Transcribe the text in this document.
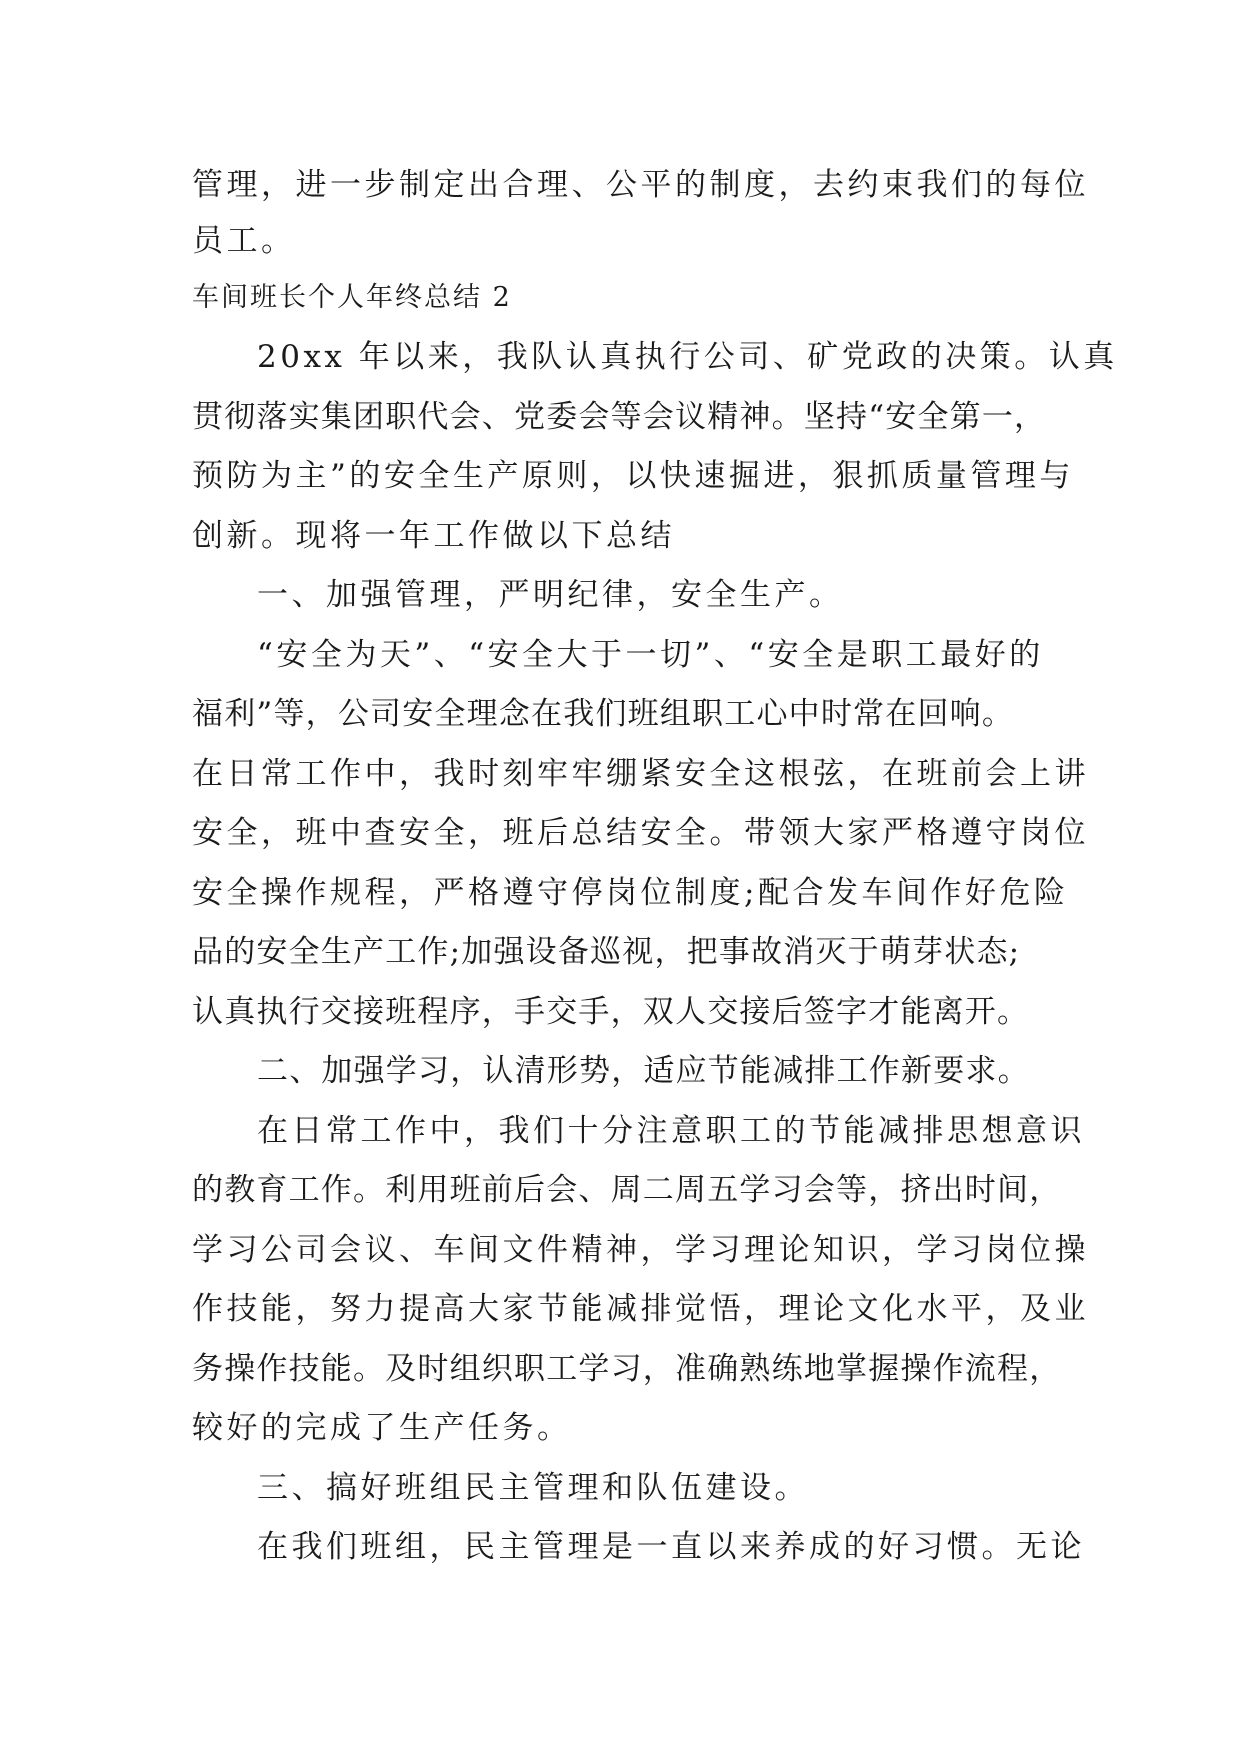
管理，进一步制定出合理、公平的制度，去约束我们的每位
员工。
车间班长个人年终总结 2
20xx 年以来，我队认真执行公司、矿党政的决策。认真
贯彻落实集团职代会、党委会等会议精神。坚持“安全第一，
预防为主”的安全生产原则，以快速掘进，狠抓质量管理与
创新。现将一年工作做以下总结
一、加强管理，严明纪律，安全生产。
“安全为天”、“安全大于一切”、“安全是职工最好的
福利”等，公司安全理念在我们班组职工心中时常在回响。
在日常工作中，我时刻牢牢绷紧安全这根弦，在班前会上讲
安全，班中查安全，班后总结安全。带领大家严格遵守岗位
安全操作规程，严格遵守停岗位制度;配合发车间作好危险
品的安全生产工作;加强设备巡视，把事故消灭于萌芽状态;
认真执行交接班程序，手交手，双人交接后签字才能离开。
二、加强学习，认清形势，适应节能减排工作新要求。
在日常工作中，我们十分注意职工的节能减排思想意识
的教育工作。利用班前后会、周二周五学习会等，挤出时间，
学习公司会议、车间文件精神，学习理论知识，学习岗位操
作技能，努力提高大家节能减排觉悟，理论文化水平，及业
务操作技能。及时组织职工学习，准确熟练地掌握操作流程，
较好的完成了生产任务。
三、搞好班组民主管理和队伍建设。
在我们班组，民主管理是一直以来养成的好习惯。无论
